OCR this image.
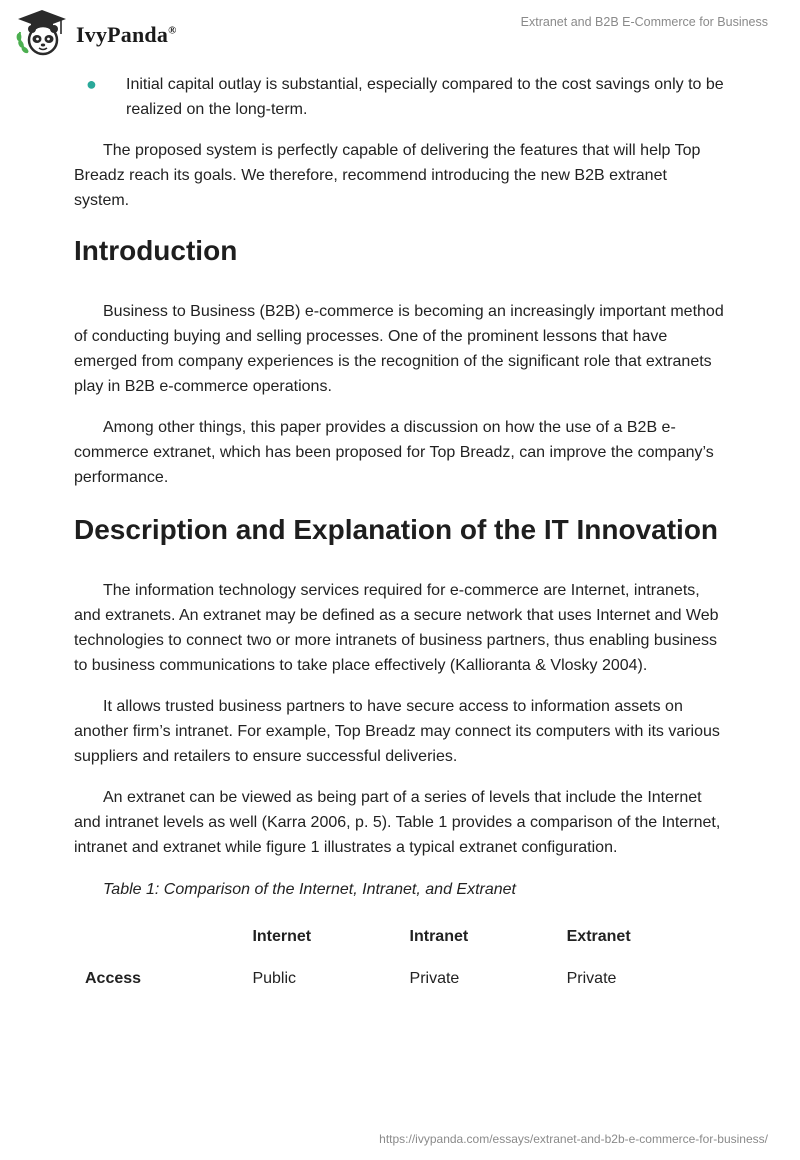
IvyPanda®
Extranet and B2B E-Commerce for Business
●	Initial capital outlay is substantial, especially compared to the cost savings only to be realized on the long-term.

The proposed system is perfectly capable of delivering the features that will help Top Breadz reach its goals. We therefore, recommend introducing the new B2B extranet system.

Introduction

Business to Business (B2B) e-commerce is becoming an increasingly important method of conducting buying and selling processes. One of the prominent lessons that have emerged from company experiences is the recognition of the significant role that extranets play in B2B e-commerce operations.

Among other things, this paper provides a discussion on how the use of a B2B e-commerce extranet, which has been proposed for Top Breadz, can improve the company’s performance.

Description and Explanation of the IT Innovation

The information technology services required for e-commerce are Internet, intranets, and extranets. An extranet may be defined as a secure network that uses Internet and Web technologies to connect two or more intranets of business partners, thus enabling business to business communications to take place effectively (Kallioranta & Vlosky 2004).

It allows trusted business partners to have secure access to information assets on another firm’s intranet. For example, Top Breadz may connect its computers with its various suppliers and retailers to ensure successful deliveries.

An extranet can be viewed as being part of a series of levels that include the Internet and intranet levels as well (Karra 2006, p. 5). Table 1 provides a comparison of the Internet, intranet and extranet while figure 1 illustrates a typical extranet configuration.

Table 1: Comparison of the Internet, Intranet, and Extranet
	Internet	Intranet	Extranet
Access	Public	Private	Private
https://ivypanda.com/essays/extranet-and-b2b-e-commerce-for-business/
